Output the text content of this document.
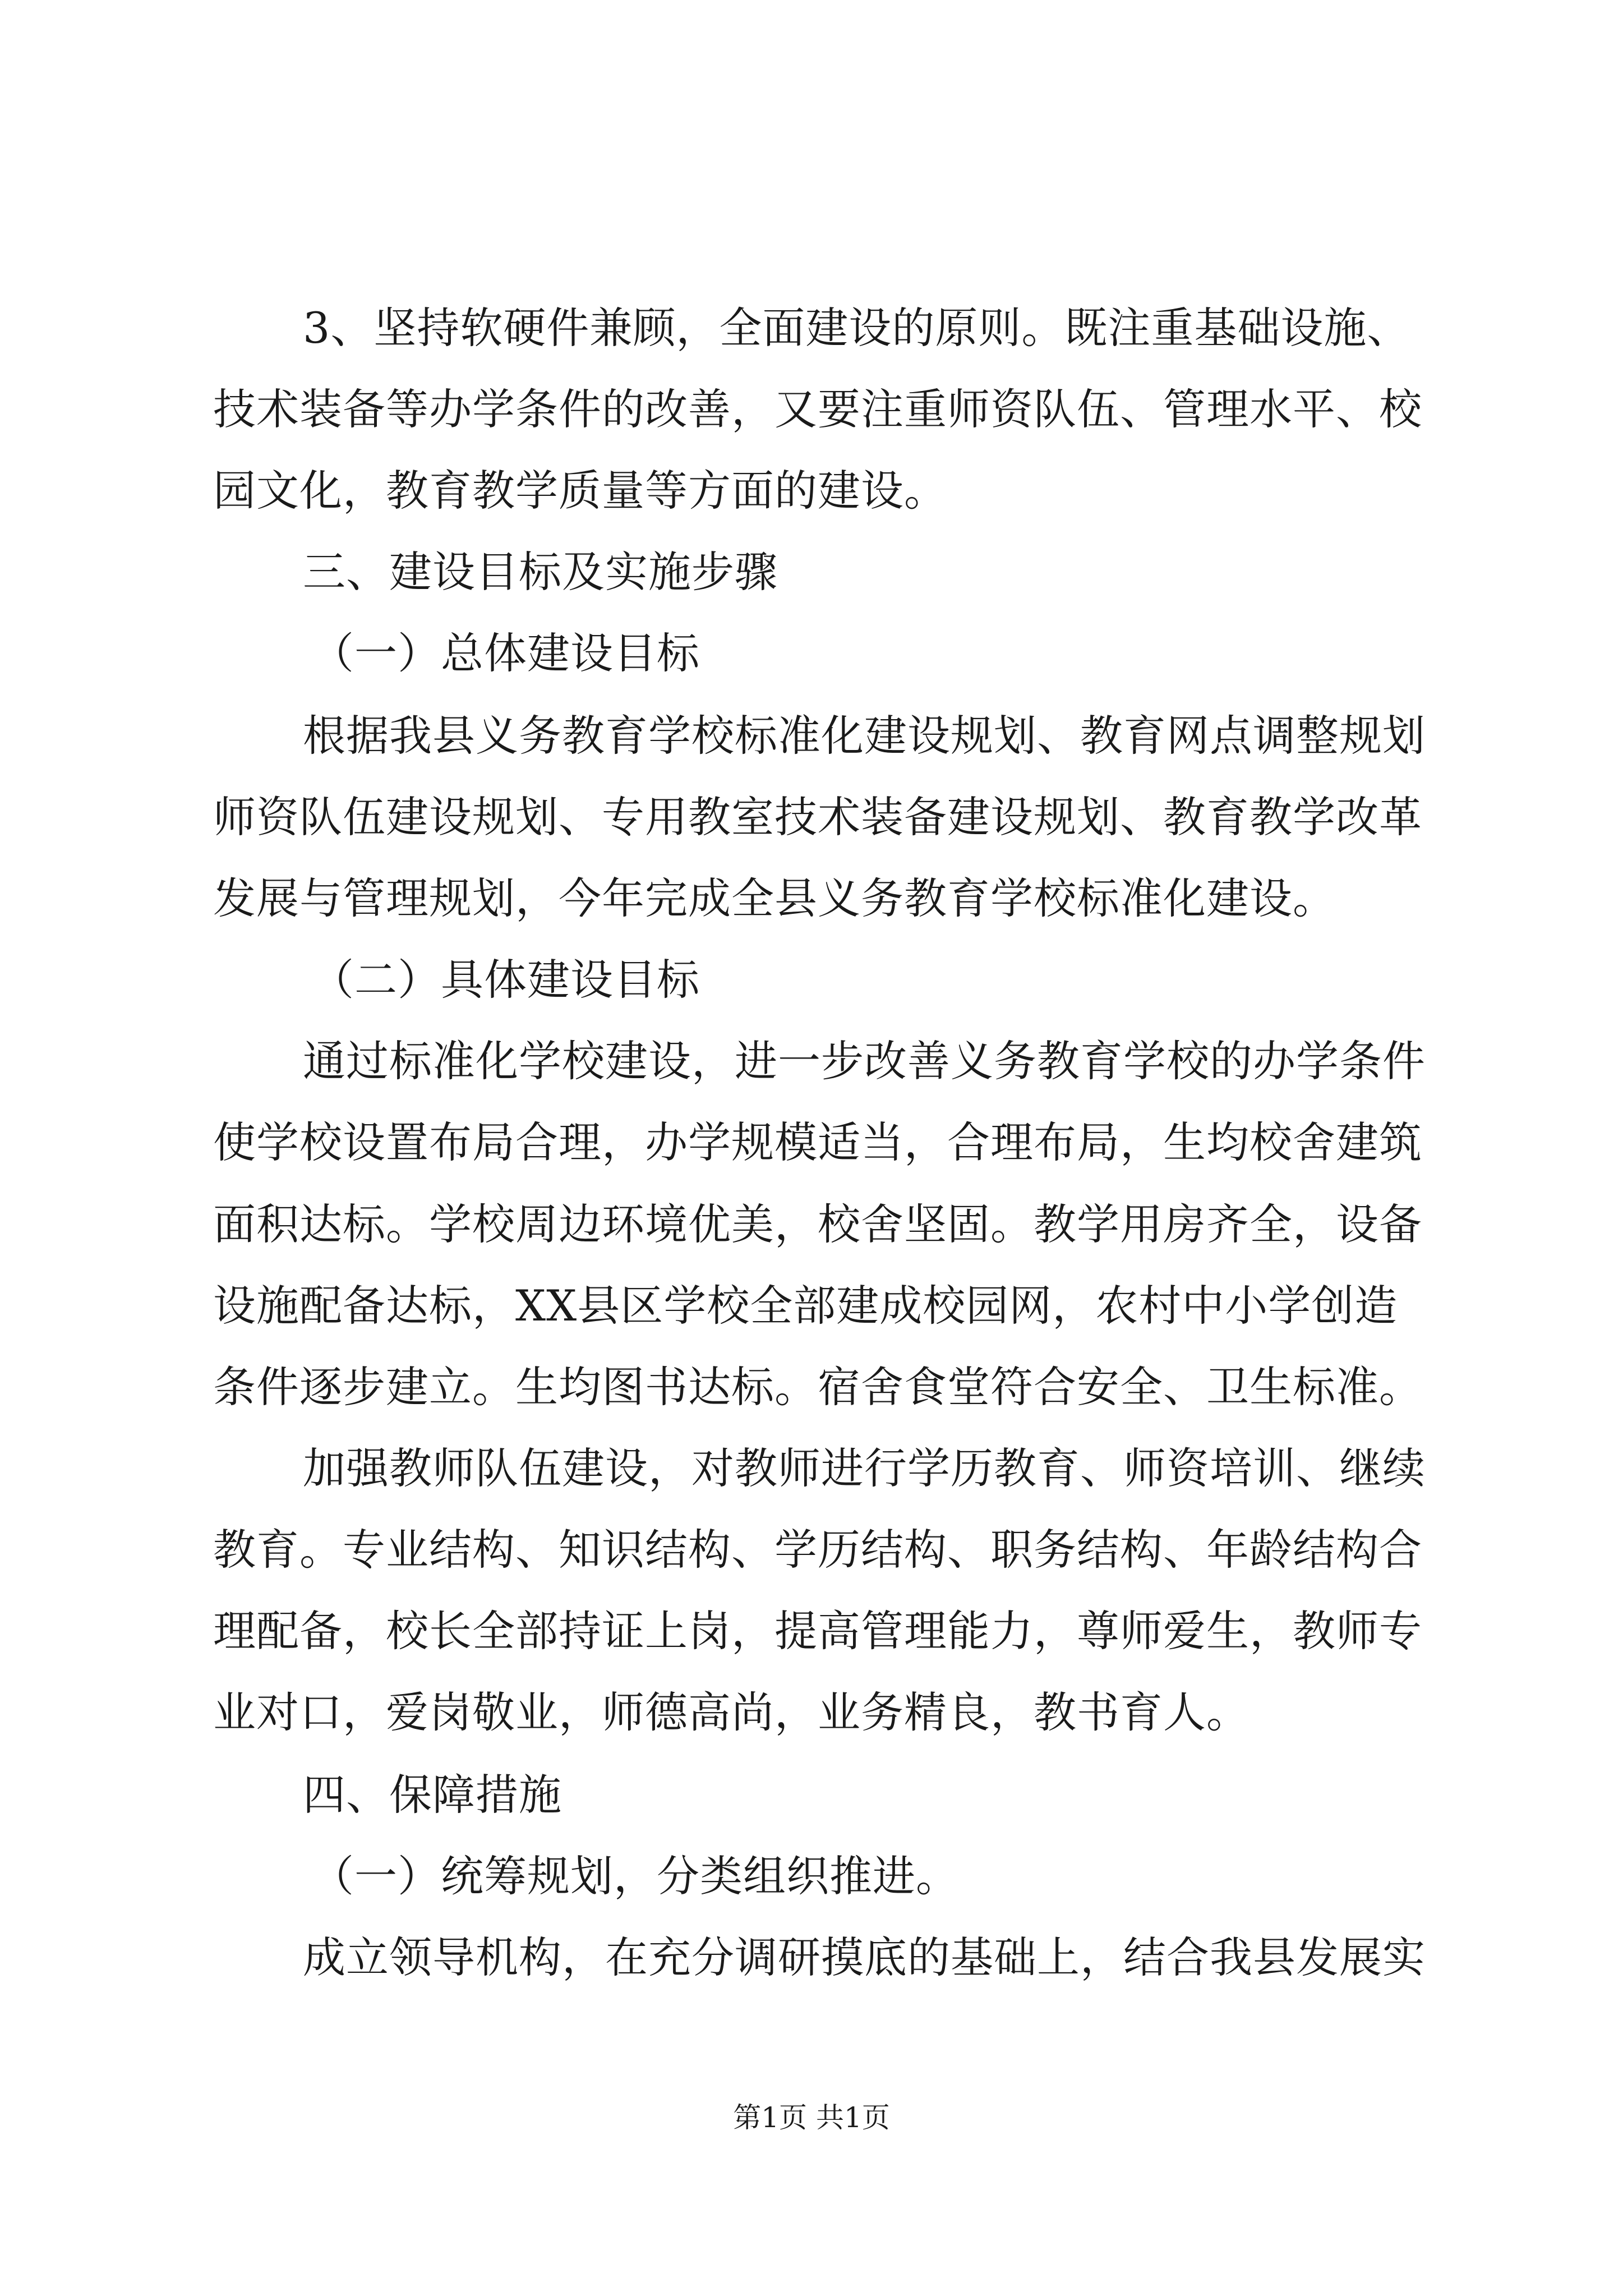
3、坚持软硬件兼顾，全面建设的原则。既注重基础设施、
技术装备等办学条件的改善，又要注重师资队伍、管理水平、校
园文化，教育教学质量等方面的建设。
三、建设目标及实施步骤
（一）总体建设目标
根据我县义务教育学校标准化建设规划、教育网点调整规划
师资队伍建设规划、专用教室技术装备建设规划、教育教学改革
发展与管理规划，今年完成全县义务教育学校标准化建设。
（二）具体建设目标
通过标准化学校建设，进一步改善义务教育学校的办学条件
使学校设置布局合理，办学规模适当，合理布局，生均校舍建筑
面积达标。学校周边环境优美，校舍坚固。教学用房齐全，设备
设施配备达标，XX县区学校全部建成校园网，农村中小学创造
条件逐步建立。生均图书达标。宿舍食堂符合安全、卫生标准。
加强教师队伍建设，对教师进行学历教育、师资培训、继续
教育。专业结构、知识结构、学历结构、职务结构、年龄结构合
理配备，校长全部持证上岗，提高管理能力，尊师爱生，教师专
业对口，爱岗敬业，师德高尚，业务精良，教书育人。
四、保障措施
（一）统筹规划，分类组织推进。
成立领导机构，在充分调研摸底的基础上，结合我县发展实
第1页 共1页
